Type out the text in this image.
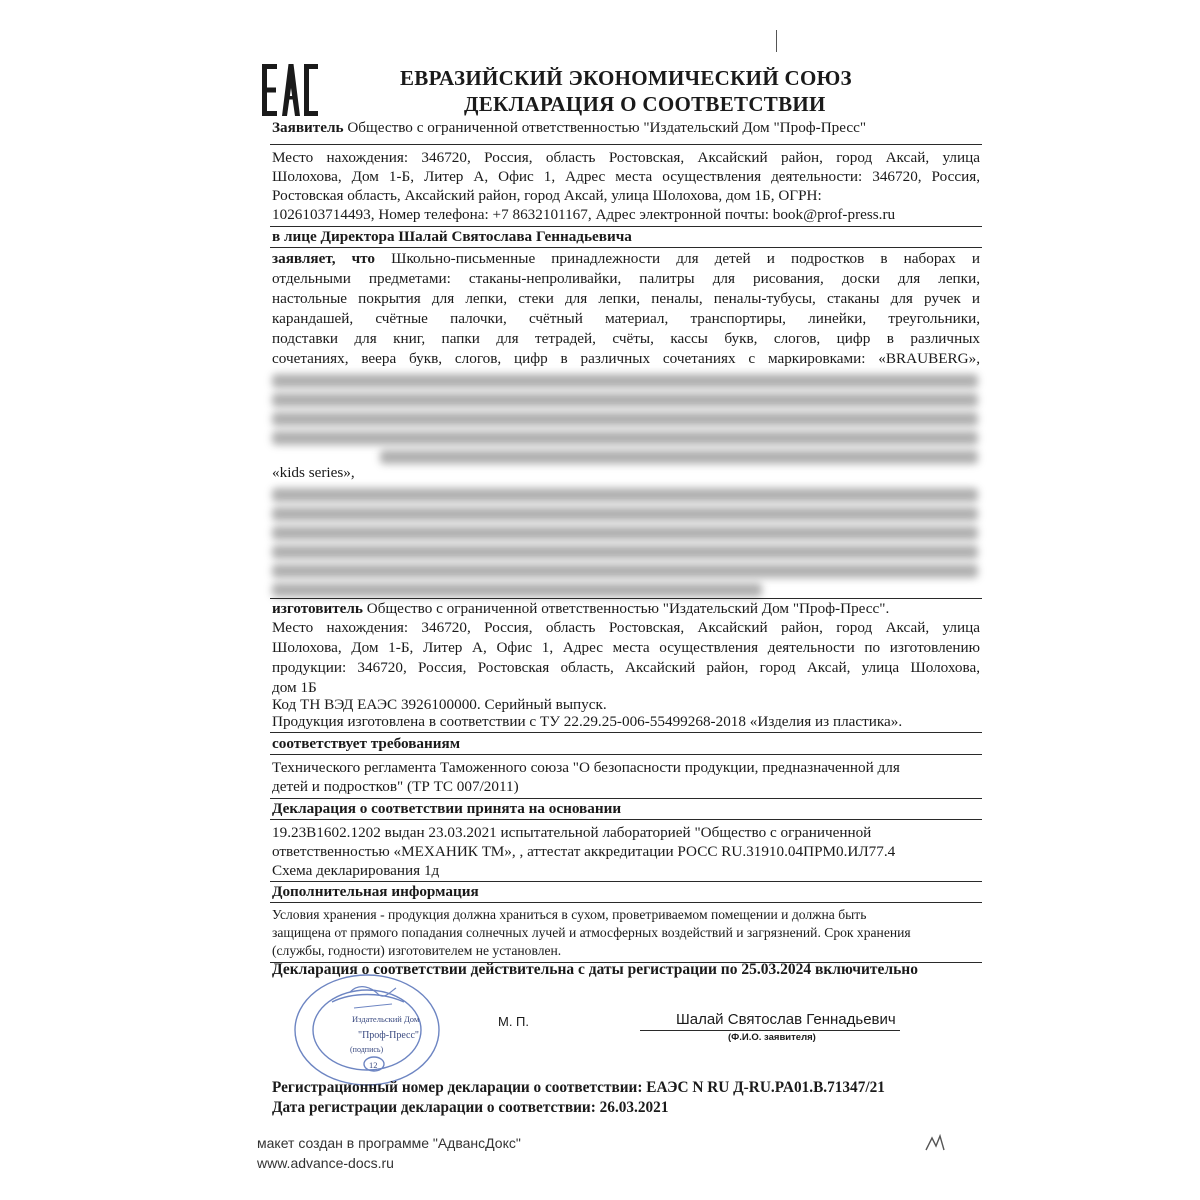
ЕВРАЗИЙСКИЙ ЭКОНОМИЧЕСКИЙ СОЮЗ
ДЕКЛАРАЦИЯ О СООТВЕТСТВИИ
Заявитель Общество с ограниченной ответственностью "Издательский Дом "Проф-Пресс"
Место нахождения: 346720, Россия, область Ростовская, Аксайский район, город Аксай, улица
Шолохова, Дом 1-Б, Литер А, Офис 1, Адрес места осуществления деятельности: 346720, Россия,
Ростовская область, Аксайский район, город Аксай, улица Шолохова, дом 1Б, ОГРН:
1026103714493, Номер телефона: +7 8632101167, Адрес электронной почты: book@prof-press.ru
в лице Директора Шалай Святослава Геннадьевича
заявляет, что Школьно-письменные принадлежности для детей и подростков в наборах и
отдельными предметами: стаканы-непроливайки, палитры для рисования, доски для лепки,
настольные покрытия для лепки, стеки для лепки, пеналы, пеналы-тубусы, стаканы для ручек и
карандашей, счётные палочки, счётный материал, транспортиры, линейки, треугольники,
подставки для книг, папки для тетрадей, счёты, кассы букв, слогов, цифр в различных
сочетаниях, веера букв, слогов, цифр в различных сочетаниях с маркировками: «BRAUBERG»,
«kids series»,
изготовитель Общество с ограниченной ответственностью "Издательский Дом "Проф-Пресс".
Место нахождения: 346720, Россия, область Ростовская, Аксайский район, город Аксай, улица
Шолохова, Дом 1-Б, Литер А, Офис 1, Адрес места осуществления деятельности по изготовлению
продукции: 346720, Россия, Ростовская область, Аксайский район, город Аксай, улица Шолохова,
дом 1Б
Код ТН ВЭД ЕАЭС 3926100000. Серийный выпуск.
Продукция изготовлена в соответствии с ТУ 22.29.25-006-55499268-2018 «Изделия из пластика».
соответствует требованиям
Технического регламента Таможенного союза "О безопасности продукции, предназначенной для
детей и подростков" (ТР ТС 007/2011)
Декларация о соответствии принята на основании
19.23В1602.1202 выдан 23.03.2021 испытательной лабораторией "Общество с ограниченной
ответственностью «МЕХАНИК ТМ», , аттестат аккредитации РОСС RU.31910.04ПРМ0.ИЛ77.4
Схема декларирования 1д
Дополнительная информация
Условия хранения - продукция должна храниться в сухом, проветриваемом помещении и должна быть
защищена от прямого попадания солнечных лучей и атмосферных воздействий и загрязнений. Срок хранения
(службы, годности) изготовителем не установлен.
Декларация о соответствии действительна с даты регистрации по 25.03.2024 включительно
Издательский Дом
"Проф-Пресс"
(подпись)
12
М. П.	Шалай Святослав Геннадьевич
(Ф.И.О. заявителя)
Регистрационный номер декларации о соответствии: ЕАЭС N RU Д-RU.PA01.B.71347/21
Дата регистрации декларации о соответствии: 26.03.2021
макет создан в программе "АдвансДокс"
www.advance-docs.ru
